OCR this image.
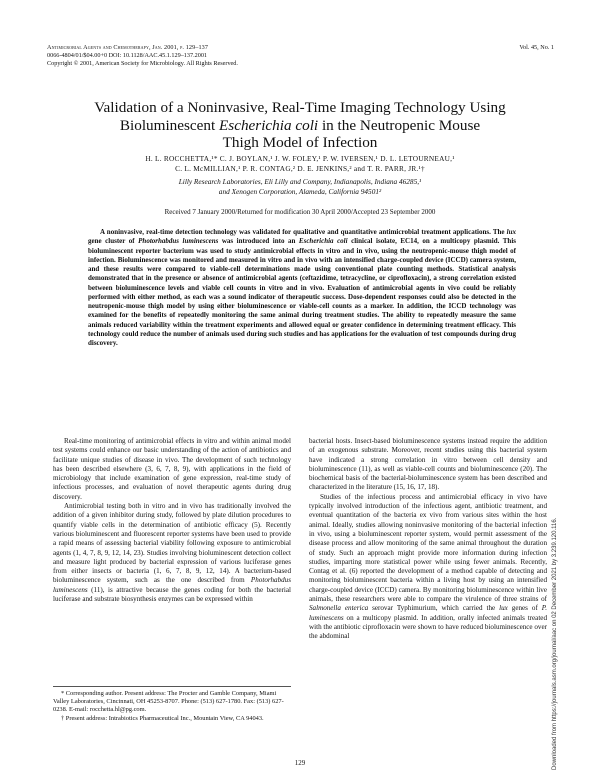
Antimicrobial Agents and Chemotherapy, Jan. 2001, p. 129–137
0066-4804/01/$04.00+0 DOI: 10.1128/AAC.45.1.129–137.2001
Copyright © 2001, American Society for Microbiology. All Rights Reserved.
Vol. 45, No. 1
Validation of a Noninvasive, Real-Time Imaging Technology Using
Bioluminescent Escherichia coli in the Neutropenic Mouse
Thigh Model of Infection
H. L. ROCCHETTA,¹* C. J. BOYLAN,¹ J. W. FOLEY,¹ P. W. IVERSEN,¹ D. L. LETOURNEAU,¹
C. L. McMILLIAN,¹ P. R. CONTAG,² D. E. JENKINS,² and T. R. PARR, JR.¹†
Lilly Research Laboratories, Eli Lilly and Company, Indianapolis, Indiana 46285,¹
and Xenogen Corporation, Alameda, California 94501²
Received 7 January 2000/Returned for modification 30 April 2000/Accepted 23 September 2000
A noninvasive, real-time detection technology was validated for qualitative and quantitative antimicrobial treatment applications. The lux gene cluster of Photorhabdus luminescens was introduced into an Escherichia coli clinical isolate, EC14, on a multicopy plasmid. This bioluminescent reporter bacterium was used to study antimicrobial effects in vitro and in vivo, using the neutropenic-mouse thigh model of infection. Bioluminescence was monitored and measured in vitro and in vivo with an intensified charge-coupled device (ICCD) camera system, and these results were compared to viable-cell determinations made using conventional plate counting methods. Statistical analysis demonstrated that in the presence or absence of antimicrobial agents (ceftazidime, tetracycline, or ciprofloxacin), a strong correlation existed between bioluminescence levels and viable cell counts in vitro and in vivo. Evaluation of antimicrobial agents in vivo could be reliably performed with either method, as each was a sound indicator of therapeutic success. Dose-dependent responses could also be detected in the neutropenic-mouse thigh model by using either bioluminescence or viable-cell counts as a marker. In addition, the ICCD technology was examined for the benefits of repeatedly monitoring the same animal during treatment studies. The ability to repeatedly measure the same animals reduced variability within the treatment experiments and allowed equal or greater confidence in determining treatment efficacy. This technology could reduce the number of animals used during such studies and has applications for the evaluation of test compounds during drug discovery.

Real-time monitoring of antimicrobial effects in vitro and within animal model test systems could enhance our basic understanding of the action of antibiotics and facilitate unique studies of disease in vivo. The development of such technology has been described elsewhere (3, 6, 7, 8, 9), with applications in the field of microbiology that include examination of gene expression, real-time study of infectious processes, and evaluation of novel therapeutic agents during drug discovery.

Antimicrobial testing both in vitro and in vivo has traditionally involved the addition of a given inhibitor during study, followed by plate dilution procedures to quantify viable cells in the determination of antibiotic efficacy (5). Recently various bioluminescent and fluorescent reporter systems have been used to provide a rapid means of assessing bacterial viability following exposure to antimicrobial agents (1, 4, 7, 8, 9, 12, 14, 23). Studies involving bioluminescent detection collect and measure light produced by bacterial expression of various luciferase genes from either insects or bacteria (1, 6, 7, 8, 9, 12, 14). A bacterium-based bioluminescence system, such as the one described from Photorhabdus luminescens (11), is attractive because the genes coding for both the bacterial luciferase and substrate biosynthesis enzymes can be expressed within

* Corresponding author. Present address: The Procter and Gamble Company, Miami Valley Laboratories, Cincinnati, OH 45253-8707. Phone: (513) 627-1780. Fax: (513) 627-0238. E-mail: rocchetta.hl@pg.com.

† Present address: Intrabiotics Pharmaceutical Inc., Mountain View, CA 94043.

bacterial hosts. Insect-based bioluminescence systems instead require the addition of an exogenous substrate. Moreover, recent studies using this bacterial system have indicated a strong correlation in vitro between cell density and bioluminescence (11), as well as viable-cell counts and bioluminescence (20). The biochemical basis of the bacterial-bioluminescence system has been described and characterized in the literature (15, 16, 17, 18).

Studies of the infectious process and antimicrobial efficacy in vivo have typically involved introduction of the infectious agent, antibiotic treatment, and eventual quantitation of the bacteria ex vivo from various sites within the host animal. Ideally, studies allowing noninvasive monitoring of the bacterial infection in vivo, using a bioluminescent reporter system, would permit assessment of the disease process and allow monitoring of the same animal throughout the duration of study. Such an approach might provide more information during infection studies, imparting more statistical power while using fewer animals. Recently, Contag et al. (6) reported the development of a method capable of detecting and monitoring bioluminescent bacteria within a living host by using an intensified charge-coupled device (ICCD) camera. By monitoring bioluminescence within live animals, these researchers were able to compare the virulence of three strains of Salmonella enterica serovar Typhimurium, which carried the lux genes of P. luminescens on a multicopy plasmid. In addition, orally infected animals treated with the antibiotic ciprofloxacin were shown to have reduced bioluminescence over the abdominal

129	Downloaded from https://journals.asm.org/journal/aac on 02 December 2021 by 3.239.120.116.
